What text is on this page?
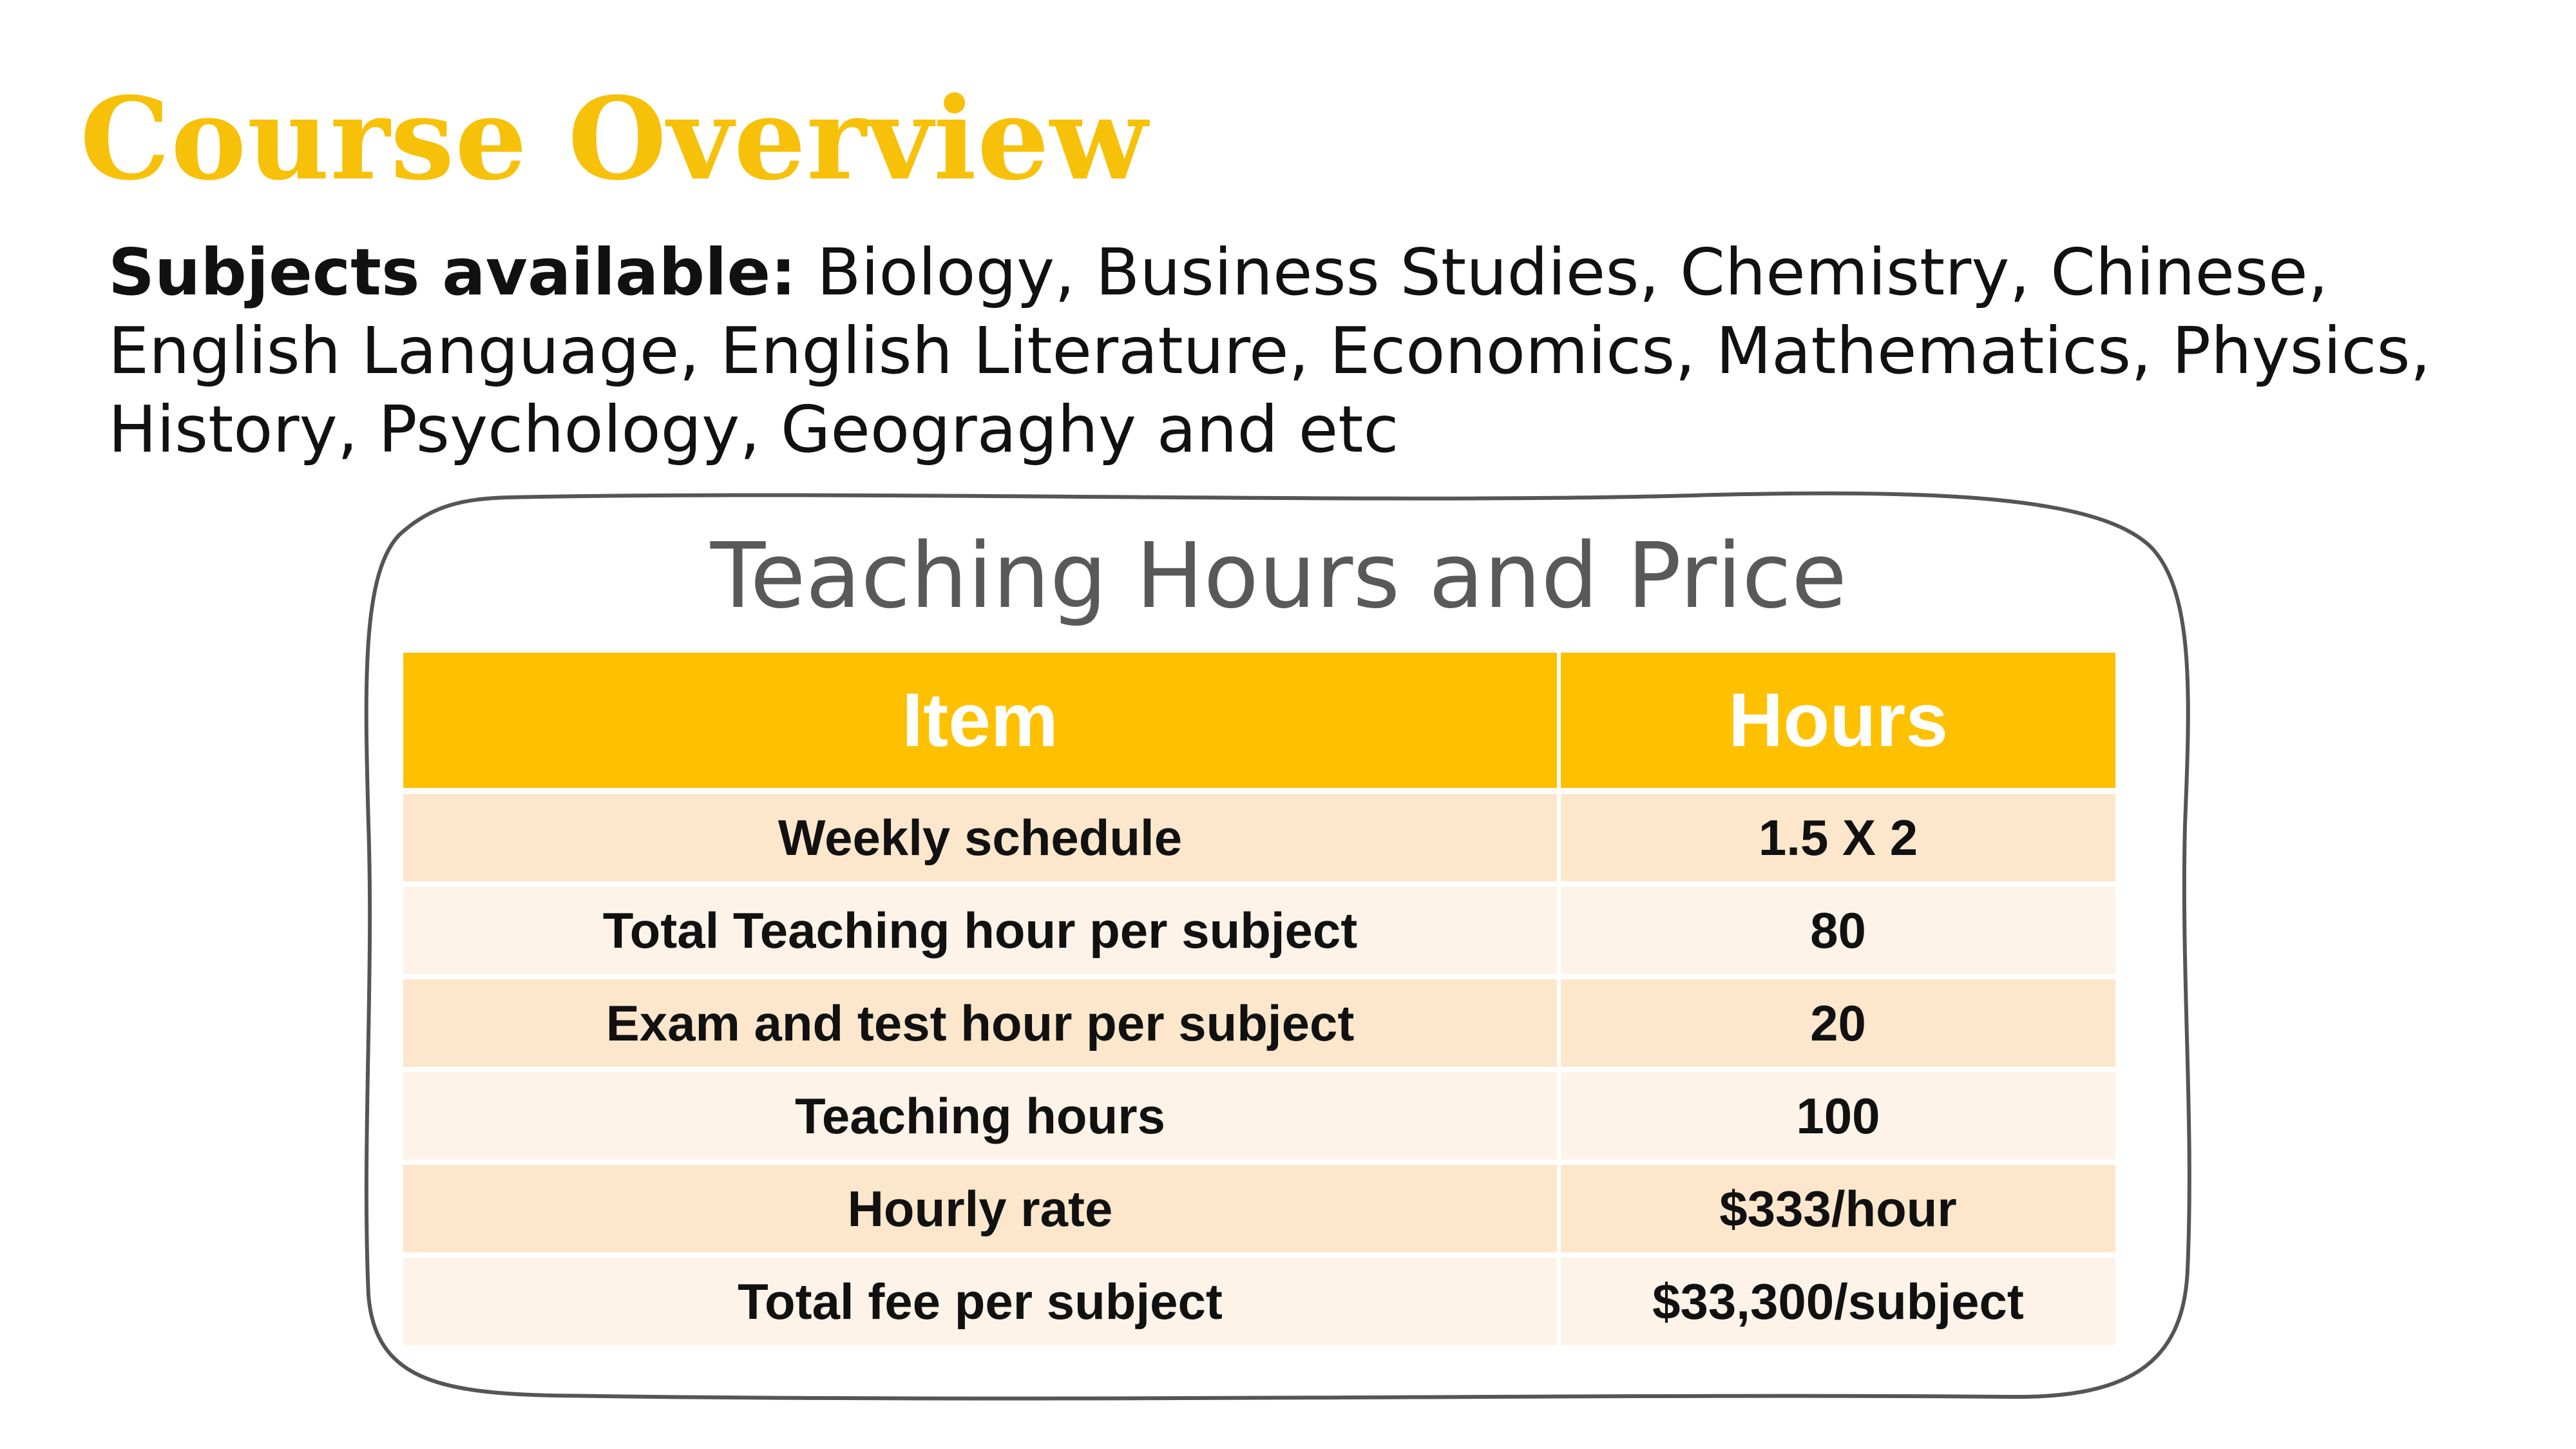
Course Overview

Subjects available: Biology, Business Studies, Chemistry, Chinese, English Language, English Literature, Economics, Mathematics, Physics, History, Psychology, Geograghy and etc

Teaching Hours and Price
Item	Hours
Weekly schedule	1.5 X 2
Total Teaching hour per subject	80
Exam and test hour per subject	20
Teaching hours	100
Hourly rate	$333/hour
Total fee per subject	$33,300/subject
